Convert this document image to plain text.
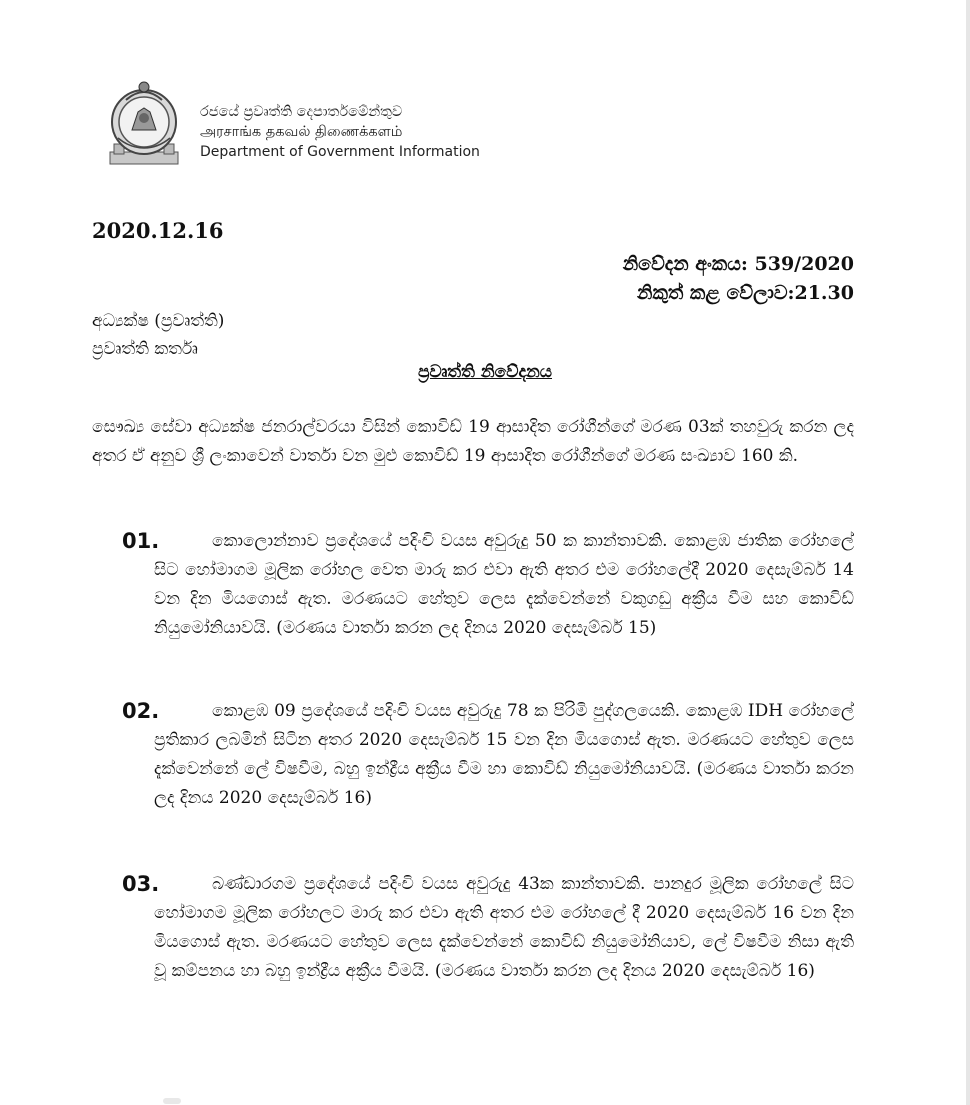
රජයේ ප්‍රවෘත්ති දෙපාර්තමේන්තුව
அரசாங்க தகவல் திணைக்களம்
Department of Government Information
2020.12.16
නිවේදන අංකය: 539/2020
නිකුත් කළ වේලාව:21.30
අධ්‍යක්ෂ (ප්‍රවෘත්ති)
ප්‍රවෘත්ති කර්තෘ
ප්‍රවෘත්ති නිවේදනය
සෞඛ්‍ය සේවා අධ්‍යක්ෂ ජනරාල්වරයා විසින් කොවිඩ් 19 ආසාදිත රෝගීන්ගේ මරණ 03ක් තහවුරු කරන ලද අතර ඒ අනුව ශ්‍රී ලංකාවෙන් වාර්තා වන මුළු කොවිඩ් 19 ආසාදිත රෝගීන්ගේ මරණ සංඛ්‍යාව 160 කි.
01.	කොලොන්නාව ප්‍රදේශයේ පදිංචි වයස අවුරුදු 50 ක කාන්තාවකි. කොළඹ ජාතික රෝහලේ සිට හෝමාගම මූලික රෝහල වෙත මාරු කර එවා ඇති අතර එම රෝහලේදී 2020 දෙසැම්බර් 14 වන දින මියගොස් ඇත. මරණයට හේතුව ලෙස දැක්වෙන්නේ වකුගඩු අක්‍රීය වීම සහ කොවිඩ් නියුමෝනියාවයි. (මරණය වාර්තා කරන ලද දිනය 2020 දෙසැම්බර් 15)
02.	කොළඹ 09 ප්‍රදේශයේ පදිංචි වයස අවුරුදු 78 ක පිරිමි පුද්ගලයෙකි. කොළඹ IDH රෝහලේ ප්‍රතිකාර ලබමින් සිටින අතර 2020 දෙසැම්බර් 15 වන දින මියගොස් ඇත. මරණයට හේතුව ලෙස දැක්වෙන්නේ ලේ විෂවීම, බහු ඉන්ද්‍රීය අක්‍රීය වීම හා කොවිඩ් නියුමෝනියාවයි. (මරණය වාර්තා කරන ලද දිනය 2020 දෙසැම්බර් 16)
03.	බණ්ඩාරගම ප්‍රදේශයේ පදිංචි වයස අවුරුදු 43ක කාන්තාවකි. පානදුර මූලික රෝහලේ සිට හෝමාගම මූලික රෝහලට මාරු කර එවා ඇති අතර එම රෝහලේ දී 2020 දෙසැම්බර් 16 වන දින මියගොස් ඇත. මරණයට හේතුව ලෙස දැක්වෙන්නේ කොවිඩ් නියුමෝනියාව, ලේ විෂවීම නිසා ඇති වූ කම්පනය හා බහු ඉන්ද්‍රීය අක්‍රීය වීමයි. (මරණය වාර්තා කරන ලද දිනය 2020 දෙසැම්බර් 16)
